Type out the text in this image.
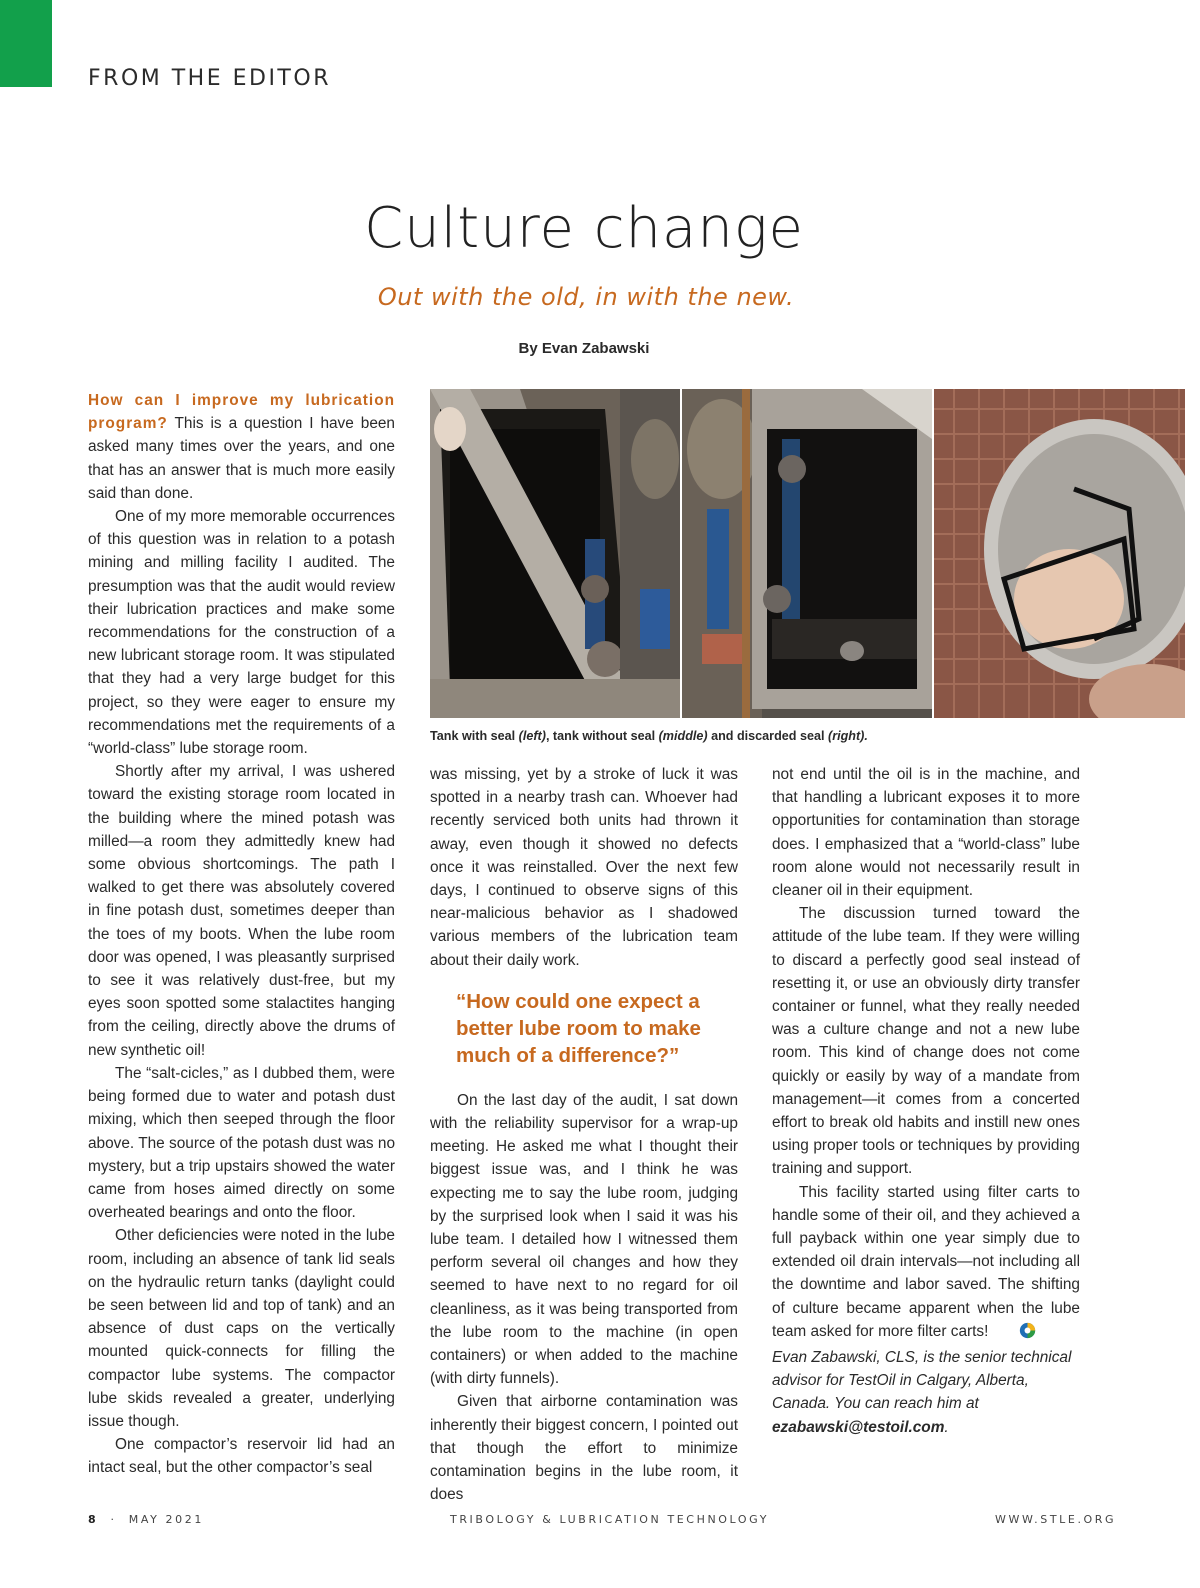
FROM THE EDITOR
Culture change
Out with the old, in with the new.
By Evan Zabawski

How can I improve my lubrication program? This is a question I have been asked many times over the years, and one that has an answer that is much more easily said than done.

One of my more memorable occurrences of this question was in relation to a potash mining and milling facility I audited. The presumption was that the audit would review their lubrication practices and make some recommendations for the construction of a new lubricant storage room. It was stipulated that they had a very large budget for this project, so they were eager to ensure my recommendations met the requirements of a “world-class” lube storage room.

Shortly after my arrival, I was ushered toward the existing storage room located in the building where the mined potash was milled—a room they admittedly knew had some obvious shortcomings. The path I walked to get there was absolutely covered in fine potash dust, sometimes deeper than the toes of my boots. When the lube room door was opened, I was pleasantly surprised to see it was relatively dust-free, but my eyes soon spotted some stalactites hanging from the ceiling, directly above the drums of new synthetic oil!

The “salt-cicles,” as I dubbed them, were being formed due to water and potash dust mixing, which then seeped through the floor above. The source of the potash dust was no mystery, but a trip upstairs showed the water came from hoses aimed directly on some overheated bearings and onto the floor.

Other deficiencies were noted in the lube room, including an absence of tank lid seals on the hydraulic return tanks (daylight could be seen between lid and top of tank) and an absence of dust caps on the vertically mounted quick-connects for filling the compactor lube systems. The compactor lube skids revealed a greater, underlying issue though.

One compactor’s reservoir lid had an intact seal, but the other compactor’s seal

Tank with seal (left), tank without seal (middle) and discarded seal (right).

was missing, yet by a stroke of luck it was spotted in a nearby trash can. Whoever had recently serviced both units had thrown it away, even though it showed no defects once it was reinstalled. Over the next few days, I continued to observe signs of this near-malicious behavior as I shadowed various members of the lubrication team about their daily work.

“How could one expect a better lube room to make much of a difference?”

On the last day of the audit, I sat down with the reliability supervisor for a wrap-up meeting. He asked me what I thought their biggest issue was, and I think he was expecting me to say the lube room, judging by the surprised look when I said it was his lube team. I detailed how I witnessed them perform several oil changes and how they seemed to have next to no regard for oil cleanliness, as it was being transported from the lube room to the machine (in open containers) or when added to the machine (with dirty funnels).

Given that airborne contamination was inherently their biggest concern, I pointed out that though the effort to minimize contamination begins in the lube room, it does

not end until the oil is in the machine, and that handling a lubricant exposes it to more opportunities for contamination than storage does. I emphasized that a “world-class” lube room alone would not necessarily result in cleaner oil in their equipment.

The discussion turned toward the attitude of the lube team. If they were willing to discard a perfectly good seal instead of resetting it, or use an obviously dirty transfer container or funnel, what they really needed was a culture change and not a new lube room. This kind of change does not come quickly or easily by way of a mandate from management—it comes from a concerted effort to break old habits and instill new ones using proper tools or techniques by providing training and support.

This facility started using filter carts to handle some of their oil, and they achieved a full payback within one year simply due to extended oil drain intervals—not including all the downtime and labor saved. The shifting of culture became apparent when the lube team asked for more filter carts!

Evan Zabawski, CLS, is the senior technical advisor for TestOil in Calgary, Alberta, Canada. You can reach him at ezabawski@testoil.com.

8 · MAY 2021	TRIBOLOGY & LUBRICATION TECHNOLOGY	WWW.STLE.ORG
